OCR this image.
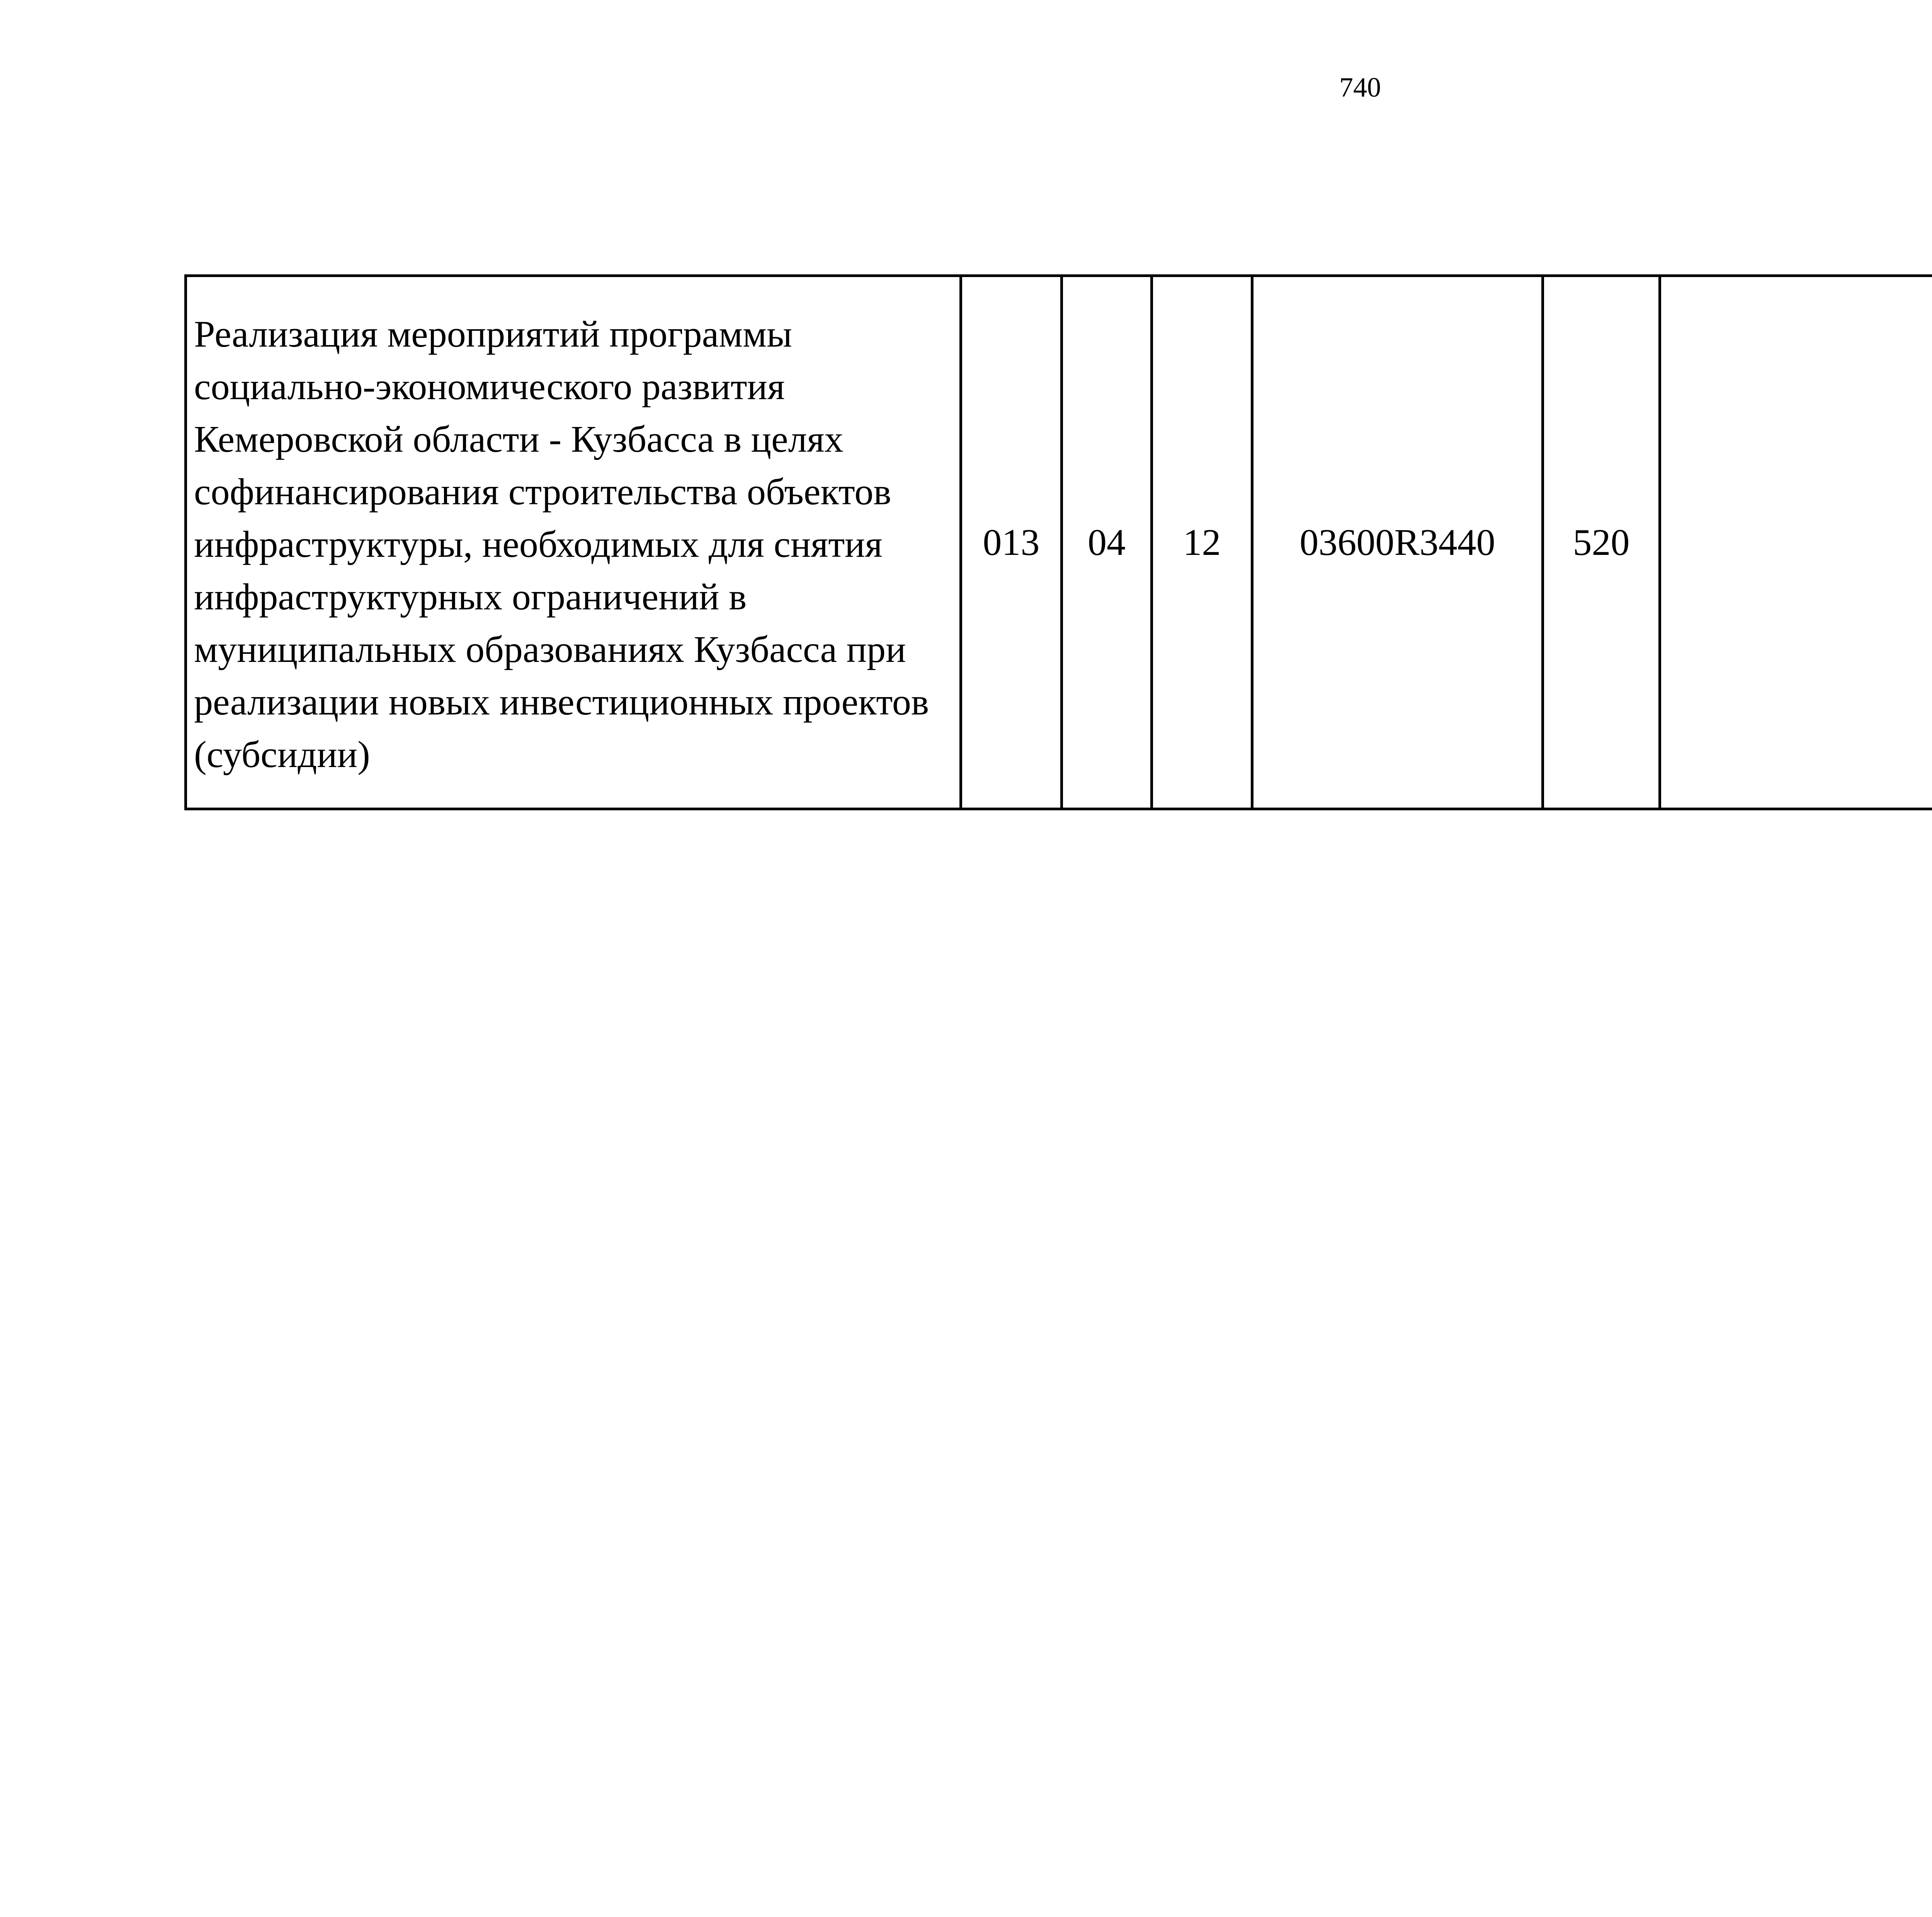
740
Реализация мероприятий программы социально-экономического развития Кемеровской области - Кузбасса в целях софинансирования строительства объектов инфраструктуры, необходимых для снятия инфраструктурных ограничений в муниципальных образованиях Кузбасса при реализации новых инвестиционных проектов (субсидии)	013	04	12	03600R3440	520			
